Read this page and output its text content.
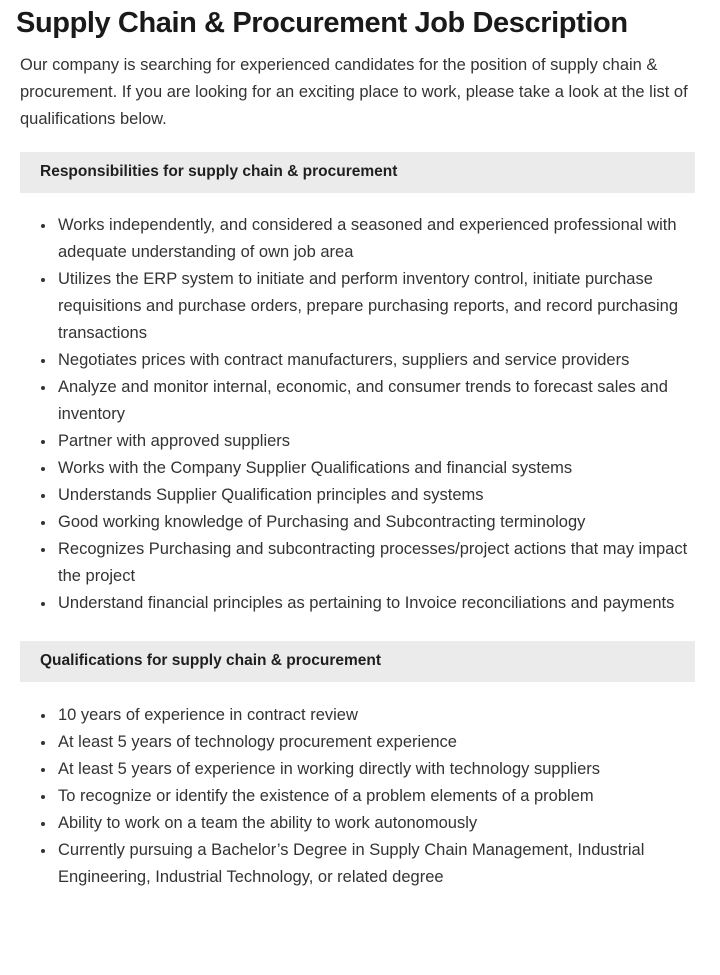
Supply Chain & Procurement Job Description

Our company is searching for experienced candidates for the position of supply chain & procurement. If you are looking for an exciting place to work, please take a look at the list of qualifications below.

Responsibilities for supply chain & procurement
Works independently, and considered a seasoned and experienced professional with adequate understanding of own job area
Utilizes the ERP system to initiate and perform inventory control, initiate purchase requisitions and purchase orders, prepare purchasing reports, and record purchasing transactions
Negotiates prices with contract manufacturers, suppliers and service providers
Analyze and monitor internal, economic, and consumer trends to forecast sales and inventory
Partner with approved suppliers
Works with the Company Supplier Qualifications and financial systems
Understands Supplier Qualification principles and systems
Good working knowledge of Purchasing and Subcontracting terminology
Recognizes Purchasing and subcontracting processes/project actions that may impact the project
Understand financial principles as pertaining to Invoice reconciliations and payments
Qualifications for supply chain & procurement
10 years of experience in contract review
At least 5 years of technology procurement experience
At least 5 years of experience in working directly with technology suppliers
To recognize or identify the existence of a problem elements of a problem
Ability to work on a team the ability to work autonomously
Currently pursuing a Bachelor’s Degree in Supply Chain Management, Industrial Engineering, Industrial Technology, or related degree
